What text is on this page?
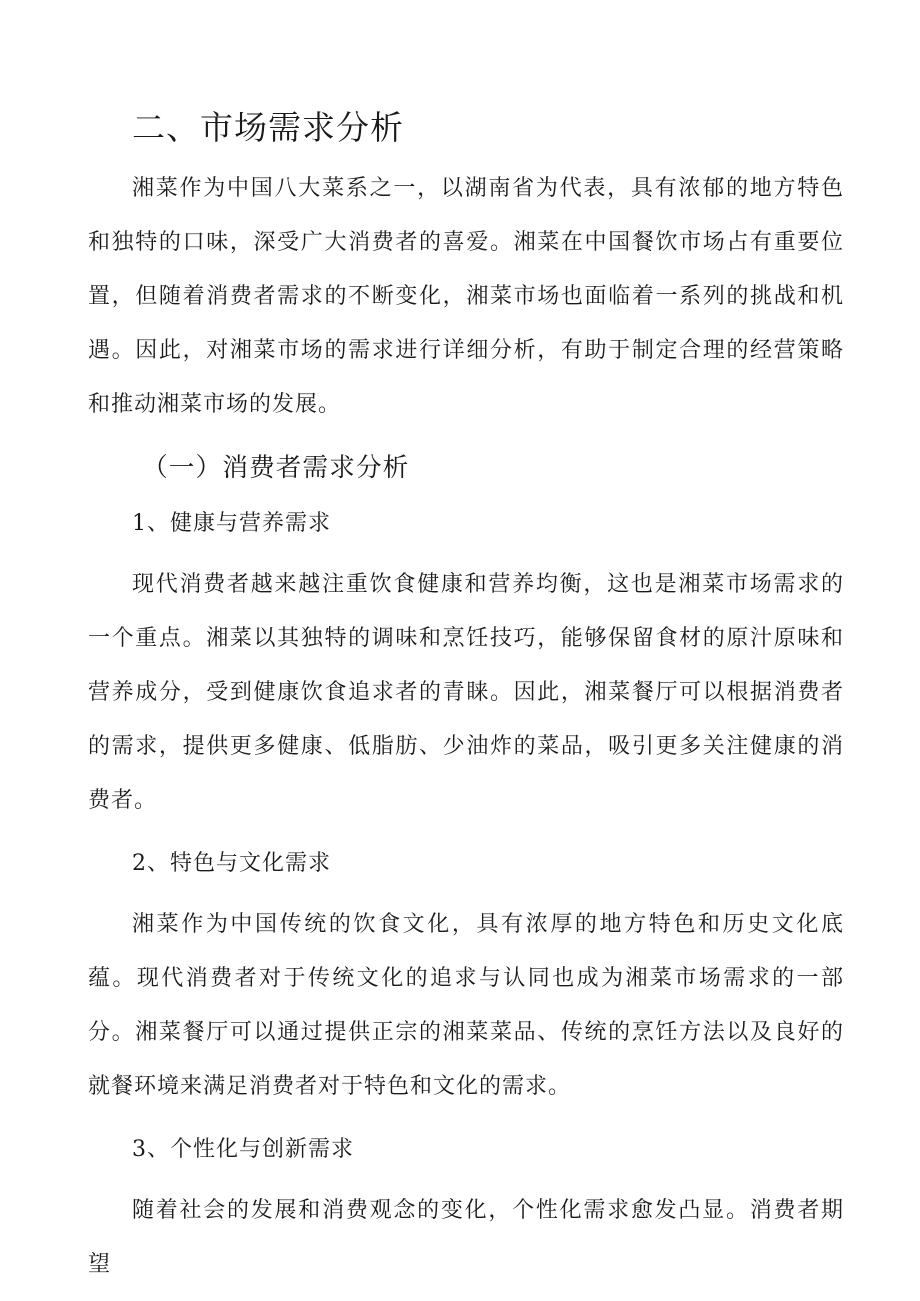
二、市场需求分析

湘菜作为中国八大菜系之一，以湖南省为代表，具有浓郁的地方特色和独特的口味，深受广大消费者的喜爱。湘菜在中国餐饮市场占有重要位置，但随着消费者需求的不断变化，湘菜市场也面临着一系列的挑战和机遇。因此，对湘菜市场的需求进行详细分析，有助于制定合理的经营策略和推动湘菜市场的发展。

（一）消费者需求分析
1、健康与营养需求

现代消费者越来越注重饮食健康和营养均衡，这也是湘菜市场需求的一个重点。湘菜以其独特的调味和烹饪技巧，能够保留食材的原汁原味和营养成分，受到健康饮食追求者的青睐。因此，湘菜餐厅可以根据消费者的需求，提供更多健康、低脂肪、少油炸的菜品，吸引更多关注健康的消费者。

2、特色与文化需求

湘菜作为中国传统的饮食文化，具有浓厚的地方特色和历史文化底蕴。现代消费者对于传统文化的追求与认同也成为湘菜市场需求的一部分。湘菜餐厅可以通过提供正宗的湘菜菜品、传统的烹饪方法以及良好的就餐环境来满足消费者对于特色和文化的需求。

3、个性化与创新需求

随着社会的发展和消费观念的变化，个性化需求愈发凸显。消费者期望
